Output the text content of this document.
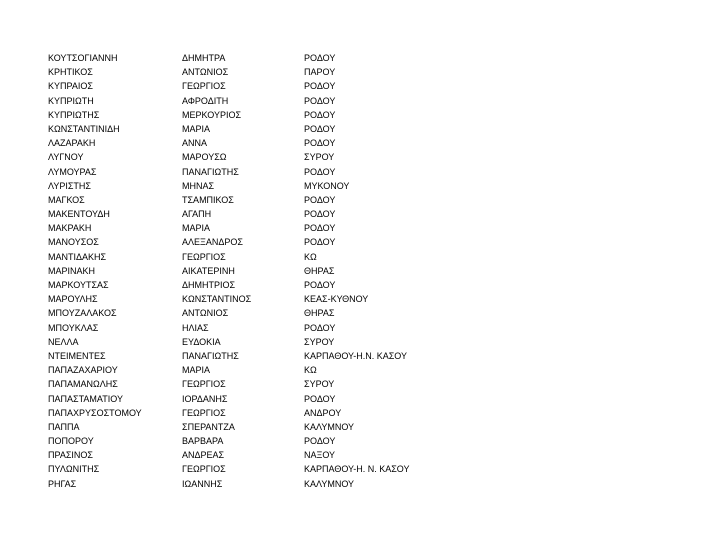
ΚΟΥΤΣΟΓΙΑΝΝΗ	ΔΗΜΗΤΡΑ	ΡΟΔΟΥ
ΚΡΗΤΙΚΟΣ	ΑΝΤΩΝΙΟΣ	ΠΑΡΟΥ
ΚΥΠΡΑΙΟΣ	ΓΕΩΡΓΙΟΣ	ΡΟΔΟΥ
ΚΥΠΡΙΩΤΗ	ΑΦΡΟΔΙΤΗ	ΡΟΔΟΥ
ΚΥΠΡΙΩΤΗΣ	ΜΕΡΚΟΥΡΙΟΣ	ΡΟΔΟΥ
ΚΩΝΣΤΑΝΤΙΝΙΔΗ	ΜΑΡΙΑ	ΡΟΔΟΥ
ΛΑΖΑΡΑΚΗ	ΑΝΝΑ	ΡΟΔΟΥ
ΛΥΓΝΟΥ	ΜΑΡΟΥΣΩ	ΣΥΡΟΥ
ΛΥΜΟΥΡΑΣ	ΠΑΝΑΓΙΩΤΗΣ	ΡΟΔΟΥ
ΛΥΡΙΣΤΗΣ	ΜΗΝΑΣ	ΜΥΚΟΝΟΥ
ΜΑΓΚΟΣ	ΤΣΑΜΠΙΚΟΣ	ΡΟΔΟΥ
ΜΑΚΕΝΤΟΥΔΗ	ΑΓΑΠΗ	ΡΟΔΟΥ
ΜΑΚΡΑΚΗ	ΜΑΡΙΑ	ΡΟΔΟΥ
ΜΑΝΟΥΣΟΣ	ΑΛΕΞΑΝΔΡΟΣ	ΡΟΔΟΥ
ΜΑΝΤΙΔΑΚΗΣ	ΓΕΩΡΓΙΟΣ	ΚΩ
ΜΑΡΙΝΑΚΗ	ΑΙΚΑΤΕΡΙΝΗ	ΘΗΡΑΣ
ΜΑΡΚΟΥΤΣΑΣ	ΔΗΜΗΤΡΙΟΣ	ΡΟΔΟΥ
ΜΑΡΟΥΛΗΣ	ΚΩΝΣΤΑΝΤΙΝΟΣ	ΚΕΑΣ-ΚΥΘΝΟΥ
ΜΠΟΥΖΑΛΑΚΟΣ	ΑΝΤΩΝΙΟΣ	ΘΗΡΑΣ
ΜΠΟΥΚΛΑΣ	ΗΛΙΑΣ	ΡΟΔΟΥ
ΝΕΛΛΑ	ΕΥΔΟΚΙΑ	ΣΥΡΟΥ
ΝΤΕΙΜΕΝΤΕΣ	ΠΑΝΑΓΙΩΤΗΣ	ΚΑΡΠΑΘΟΥ-Η.Ν. ΚΑΣΟΥ
ΠΑΠΑΖΑΧΑΡΙΟΥ	ΜΑΡΙΑ	ΚΩ
ΠΑΠΑΜΑΝΩΛΗΣ	ΓΕΩΡΓΙΟΣ	ΣΥΡΟΥ
ΠΑΠΑΣΤΑΜΑΤΙΟΥ	ΙΟΡΔΑΝΗΣ	ΡΟΔΟΥ
ΠΑΠΑΧΡΥΣΟΣΤΟΜΟΥ	ΓΕΩΡΓΙΟΣ	ΑΝΔΡΟΥ
ΠΑΠΠΑ	ΣΠΕΡΑΝΤΖΑ	ΚΑΛΥΜΝΟΥ
ΠΟΠΟΡΟΥ	ΒΑΡΒΑΡΑ	ΡΟΔΟΥ
ΠΡΑΣΙΝΟΣ	ΑΝΔΡΕΑΣ	ΝΑΞΟΥ
ΠΥΛΩΝΙΤΗΣ	ΓΕΩΡΓΙΟΣ	ΚΑΡΠΑΘΟΥ-Η. Ν. ΚΑΣΟΥ
ΡΗΓΑΣ	ΙΩΑΝΝΗΣ	ΚΑΛΥΜΝΟΥ
